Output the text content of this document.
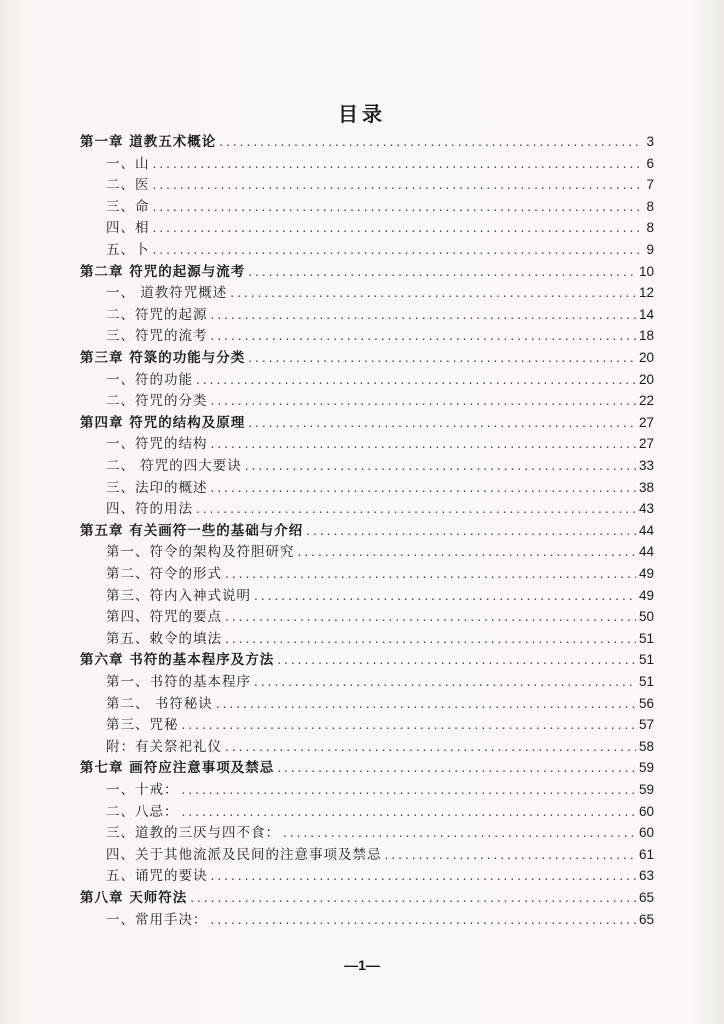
目录
第一章 道教五术概论 .....	3
一、山 .....	6
二、医 .....	7
三、命 .....	8
四、相 .....	8
五、卜 .....	9
第二章 符咒的起源与流考 .....	10
一、 道教符咒概述 .....	12
二、符咒的起源 .....	14
三、符咒的流考 .....	18
第三章 符箓的功能与分类 .....	20
一、符的功能 .....	20
二、符咒的分类 .....	22
第四章 符咒的结构及原理 .....	27
一、符咒的结构 .....	27
二、 符咒的四大要诀 .....	33
三、法印的概述 .....	38
四、符的用法 .....	43
第五章 有关画符一些的基础与介绍 .....	44
第一、符令的架构及符胆研究 .....	44
第二、符令的形式 .....	49
第三、符内入神式说明 .....	49
第四、符咒的要点 .....	50
第五、敕令的填法 .....	51
第六章 书符的基本程序及方法 .....	51
第一、书符的基本程序 .....	51
第二、 书符秘诀 .....	56
第三、咒秘 .....	57
附：有关祭祀礼仪 .....	58
第七章 画符应注意事项及禁忌 .....	59
一、十戒： .....	59
二、八忌： .....	60
三、道教的三厌与四不食： .....	60
四、关于其他流派及民间的注意事项及禁忌 .....	61
五、诵咒的要诀 .....	63
第八章 天师符法 .....	65
一、常用手决： .....	65
—1—
